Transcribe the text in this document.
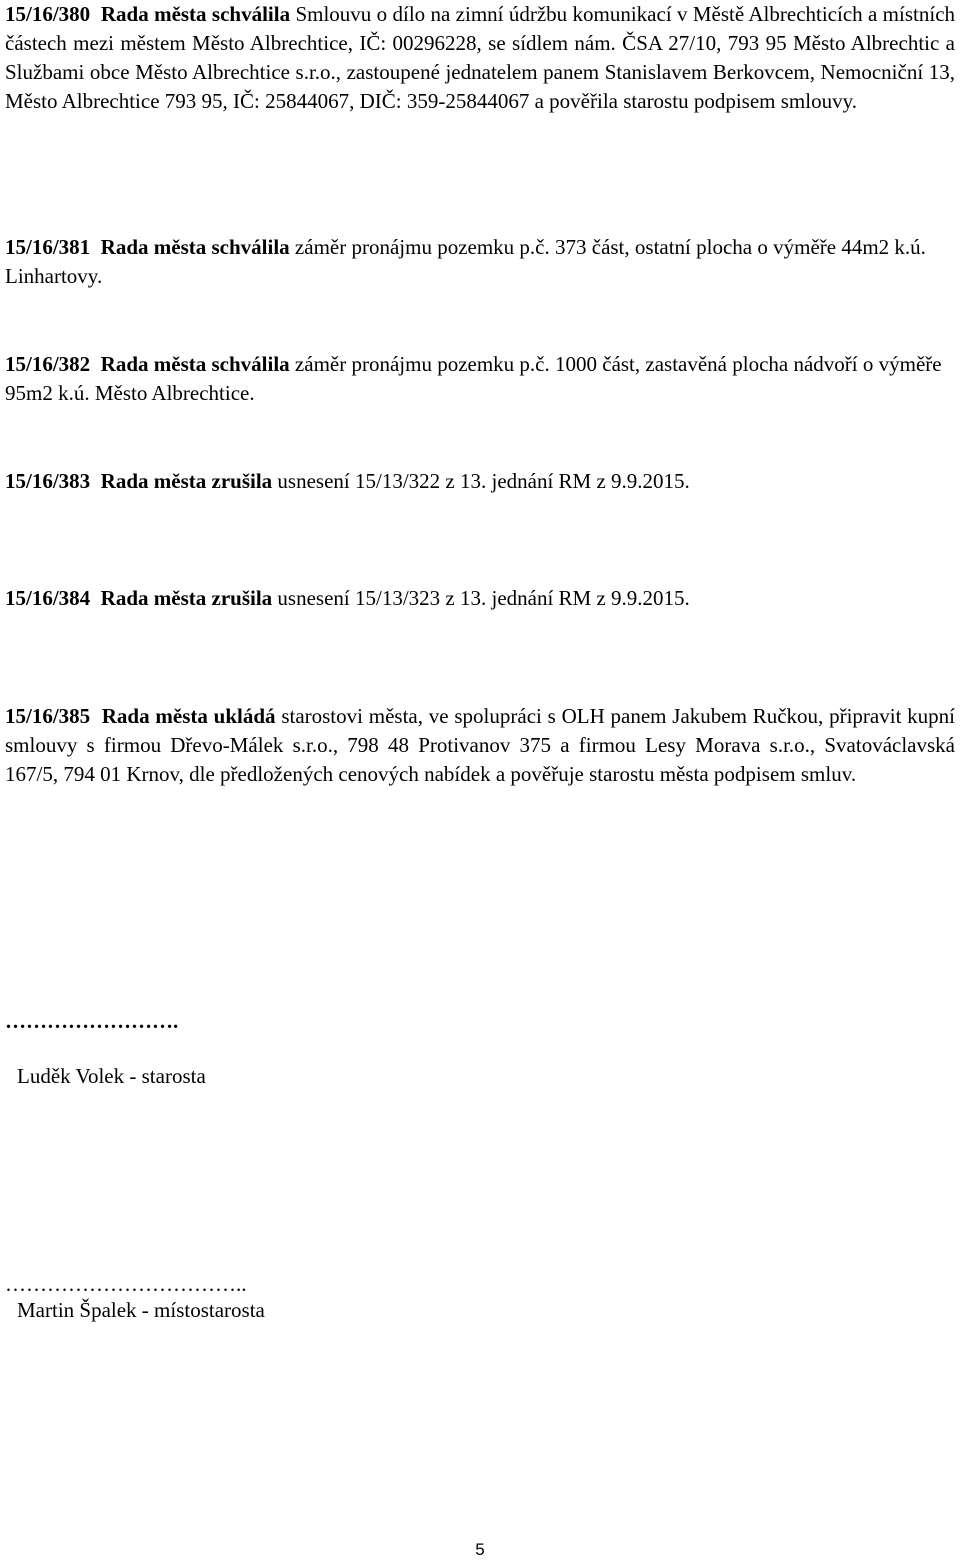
15/16/380 Rada města schválila Smlouvu o dílo na zimní údržbu komunikací v Městě Albrechticích a místních částech mezi městem Město Albrechtice, IČ: 00296228, se sídlem nám. ČSA 27/10, 793 95 Město Albrechtic a Službami obce Město Albrechtice s.r.o., zastoupené jednatelem panem Stanislavem Berkovcem, Nemocniční 13, Město Albrechtice 793 95, IČ: 25844067, DIČ: 359-25844067 a pověřila starostu podpisem smlouvy.
15/16/381 Rada města schválila záměr pronájmu pozemku p.č. 373 část, ostatní plocha o výměře 44m2 k.ú. Linhartovy.
15/16/382 Rada města schválila záměr pronájmu pozemku p.č. 1000 část, zastavěná plocha nádvoří o výměře 95m2 k.ú. Město Albrechtice.
15/16/383 Rada města zrušila usnesení 15/13/322 z 13. jednání RM z 9.9.2015.
15/16/384 Rada města zrušila usnesení 15/13/323 z 13. jednání RM z 9.9.2015.
15/16/385 Rada města ukládá starostovi města, ve spolupráci s OLH panem Jakubem Ručkou, připravit kupní smlouvy s firmou Dřevo-Málek s.r.o., 798 48 Protivanov 375 a firmou Lesy Morava s.r.o., Svatováclavská 167/5, 794 01 Krnov, dle předložených cenových nabídek a pověřuje starostu města podpisem smluv.
…………………….
Luděk Volek - starosta
……………………………..
Martin Špalek - místostarosta
5
